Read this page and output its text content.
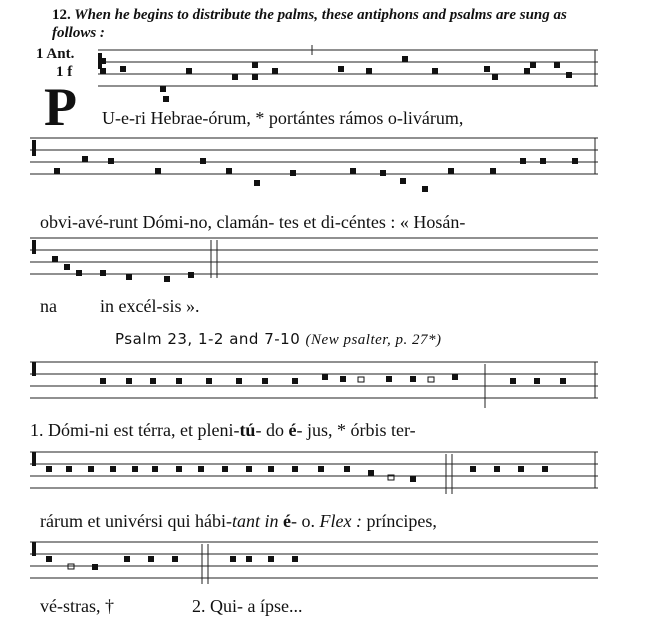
12. When he begins to distribute the palms, these antiphons and psalms are sung as follows :
1 Ant.
1 f
P U-e-ri Hebrae-órum, * portántes rámos o-livárum,
obvi-avé-runt Dómi-no, clamán- tes et di-céntes : « Hosán-
na in excél-sis ».
Psalm 23, 1-2 and 7-10 (New psalter, p. 27*)
1. Dómi-ni est térra, et pleni-tú- do é- jus, * órbis ter-
rárum et univérsi qui hábi-tant in é- o. Flex : príncipes,
vé-stras, †	2. Qui- a ípse...
